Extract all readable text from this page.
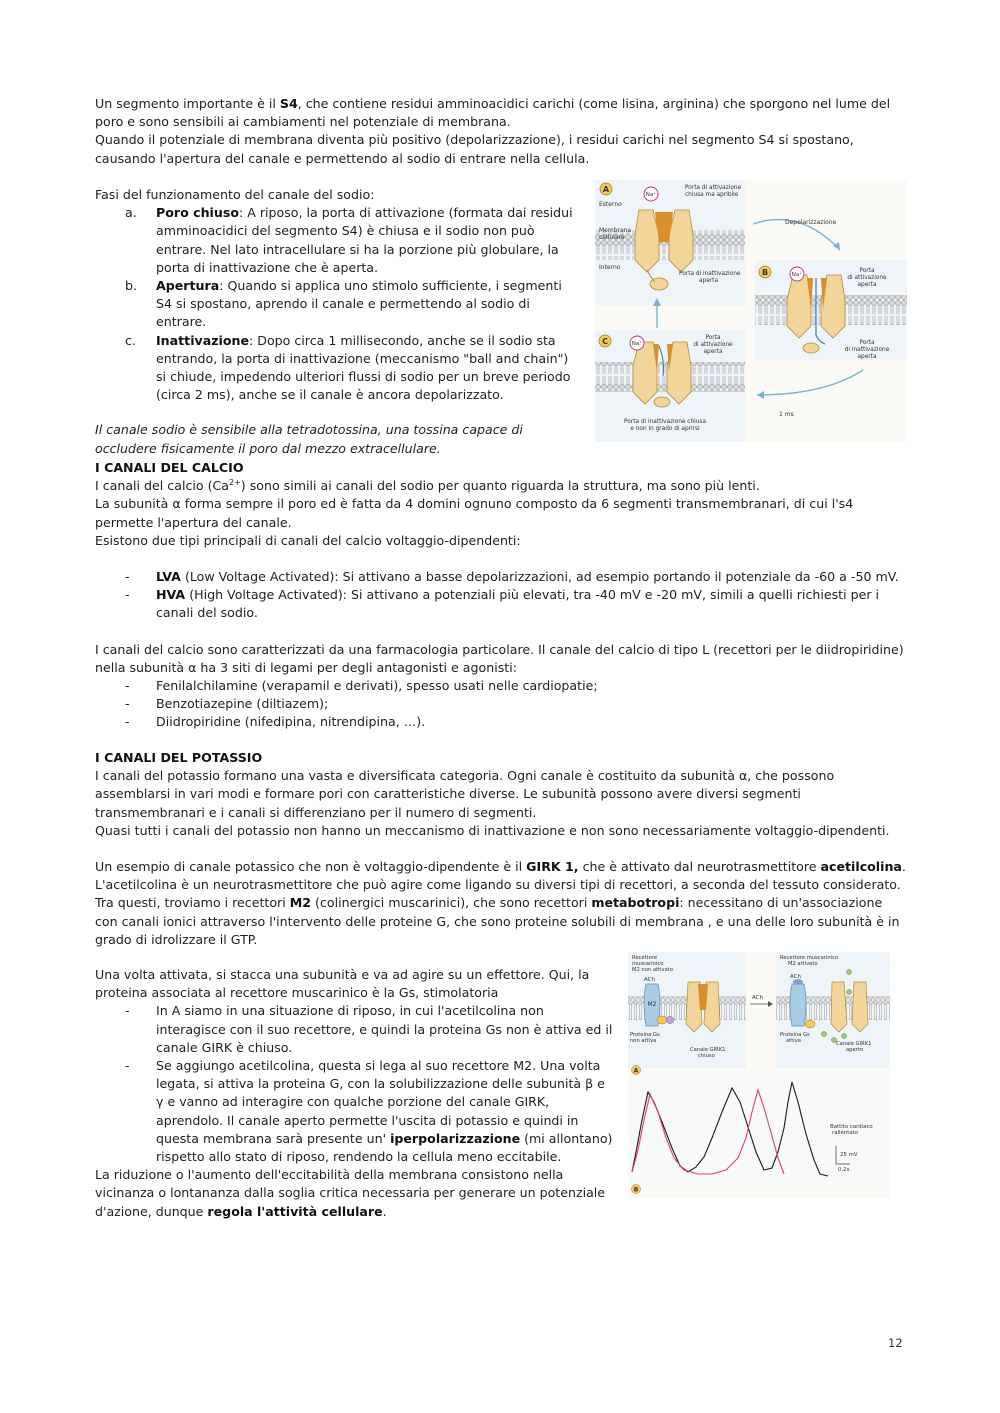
Un segmento importante è il S4, che contiene residui amminoacidici carichi (come lisina, arginina) che sporgono nel lume del poro e sono sensibili ai cambiamenti nel potenziale di membrana.

Quando il potenziale di membrana diventa più positivo (depolarizzazione), i residui carichi nel segmento S4 si spostano, causando l'apertura del canale e permettendo al sodio di entrare nella cellula.

Fasi del funzionamento del canale del sodio:

a. Poro chiuso: A riposo, la porta di attivazione (formata dai residui amminoacidici del segmento S4) è chiusa e il sodio non può entrare. Nel lato intracellulare si ha la porzione più globulare, la porta di inattivazione che è aperta.
b. Apertura: Quando si applica uno stimolo sufficiente, i segmenti S4 si spostano, aprendo il canale e permettendo al sodio di entrare.
c. Inattivazione: Dopo circa 1 millisecondo, anche se il sodio sta entrando, la porta di inattivazione (meccanismo "ball and chain") si chiude, impedendo ulteriori flussi di sodio per un breve periodo (circa 2 ms), anche se il canale è ancora depolarizzato.

Il canale sodio è sensibile alla tetradotossina, una tossina capace di occludere fisicamente il poro dal mezzo extracellulare.

A
Na⁺
Esterno
Membrana
cellulare
Interno
Porta di attivazione
chiusa ma apribile
Porta di inattivazione
aperta
Depolarizzazione
B	Na⁺
Porta
di attivazione
aperta
Porta
di inattivazione
aperta
1 ms
C	Na⁺
Porta
di attivazione
aperta
Porta di inattivazione chiusa
e non in grado di aprirsi

I CANALI DEL CALCIO

I canali del calcio $(Ca^{2+})$ sono simili ai canali del sodio per quanto riguarda la struttura, ma sono più lenti.

La subunità α forma sempre il poro ed è fatta da 4 domini ognuno composto da 6 segmenti transmembranari, di cui l's4 permette l'apertura del canale.

Esistono due tipi principali di canali del calcio voltaggio-dipendenti:

- LVA (Low Voltage Activated): Si attivano a basse depolarizzazioni, ad esempio portando il potenziale da -60 a -50 mV.
- HVA (High Voltage Activated): Si attivano a potenziali più elevati, tra -40 mV e -20 mV, simili a quelli richiesti per i canali del sodio.

I canali del calcio sono caratterizzati da una farmacologia particolare. Il canale del calcio di tipo L (recettori per le diidropiridine) nella subunità α ha 3 siti di legami per degli antagonisti e agonisti:

- Fenilalchilamine (verapamil e derivati), spesso usati nelle cardiopatie;
- Benzotiazepine (diltiazem);
- Diidropiridine (nifedipina, nitrendipina, …).

I CANALI DEL POTASSIO

I canali del potassio formano una vasta e diversificata categoria. Ogni canale è costituito da subunità α, che possono assemblarsi in vari modi e formare pori con caratteristiche diverse. Le subunità possono avere diversi segmenti transmembranari e i canali si differenziano per il numero di segmenti.

Quasi tutti i canali del potassio non hanno un meccanismo di inattivazione e non sono necessariamente voltaggio-dipendenti.

Un esempio di canale potassico che non è voltaggio-dipendente è il GIRK 1, che è attivato dal neurotrasmettitore acetilcolina.

L'acetilcolina è un neurotrasmettitore che può agire come ligando su diversi tipi di recettori, a seconda del tessuto considerato. Tra questi, troviamo i recettori M2 (colinergici muscarinici), che sono recettori metabotropi: necessitano di un'associazione con canali ionici attraverso l'intervento delle proteine G, che sono proteine solubili di membrana , e una delle loro subunità è in grado di idrolizzare il GTP.

Una volta attivata, si stacca una subunità e va ad agire su un effettore. Qui, la proteina associata al recettore muscarinico è la Gs, stimolatoria

- In A siamo in una situazione di riposo, in cui l'acetilcolina non interagisce con il suo recettore, e quindi la proteina Gs non è attiva ed il canale GIRK è chiuso.
- Se aggiungo acetilcolina, questa si lega al suo recettore M2. Una volta legata, si attiva la proteina G, con la solubilizzazione delle subunità β e γ e vanno ad interagire con qualche porzione del canale GIRK, aprendolo. Il canale aperto permette l'uscita di potassio e quindi in questa membrana sarà presente un' iperpolarizzazione (mi allontano) rispetto allo stato di riposo, rendendo la cellula meno eccitabile.

La riduzione o l'aumento dell'eccitabilità della membrana consistono nella vicinanza o lontananza dalla soglia critica necessaria per generare un potenziale d'azione, dunque regola l'attività cellulare.

M2
Recettore
muscarinico
M2 non attivato
ACh
Proteina Gs
non attiva
Canale GIRK1
chiuso
A
ACh
Recettore muscarinico
M2 attivato
ACh
Proteina Gs
attiva	Canale GIRK1
aperto
Battito cardiaco
rallentato
25 mV
0,2s
B
12
